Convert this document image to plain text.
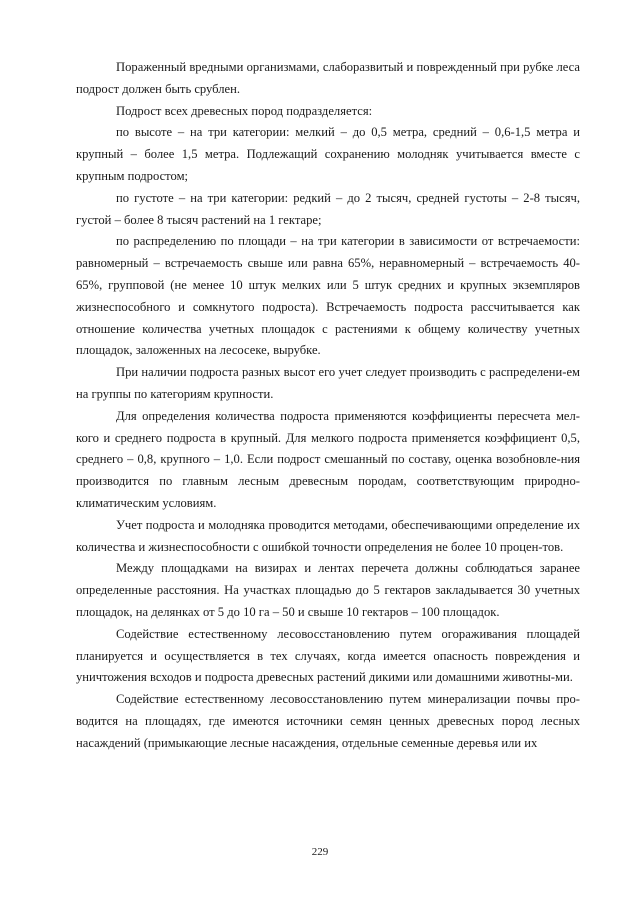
Пораженный вредными организмами, слаборазвитый и поврежденный при рубке леса подрост должен быть срублен.

Подрост всех древесных пород подразделяется:

по высоте – на три категории: мелкий – до 0,5 метра, средний – 0,6-1,5 метра и крупный – более 1,5 метра. Подлежащий сохранению молодняк учитывается вместе с крупным подростом;

по густоте – на три категории: редкий – до 2 тысяч, средней густоты – 2-8 тысяч, густой – более 8 тысяч растений на 1 гектаре;

по распределению по площади – на три категории в зависимости от встречаемости: равномерный – встречаемость свыше или равна 65%, неравномерный – встречаемость 40-65%, групповой (не менее 10 штук мелких или 5 штук средних и крупных экземпляров жизнеспособного и сомкнутого подроста). Встречаемость подроста рассчитывается как отношение количества учетных площадок с растениями к общему количеству учетных площадок, заложенных на лесосеке, вырубке.

При наличии подроста разных высот его учет следует производить с распределени-ем на группы по категориям крупности.

Для определения количества подроста применяются коэффициенты пересчета мел-кого и среднего подроста в крупный. Для мелкого подроста применяется коэффициент 0,5, среднего – 0,8, крупного – 1,0. Если подрост смешанный по составу, оценка возобновле-ния производится по главным лесным древесным породам, соответствующим природно-климатическим условиям.

Учет подроста и молодняка проводится методами, обеспечивающими определение их количества и жизнеспособности с ошибкой точности определения не более 10 процен-тов.

Между площадками на визирах и лентах перечета должны соблюдаться заранее определенные расстояния. На участках площадью до 5 гектаров закладывается 30 учетных площадок, на делянках от 5 до 10 га – 50 и свыше 10 гектаров – 100 площадок.

Содействие естественному лесовосстановлению путем огораживания площадей планируется и осуществляется в тех случаях, когда имеется опасность повреждения и уничтожения всходов и подроста древесных растений дикими или домашними животны-ми.

Содействие естественному лесовосстановлению путем минерализации почвы про-водится на площадях, где имеются источники семян ценных древесных пород лесных насаждений (примыкающие лесные насаждения, отдельные семенные деревья или их

229
